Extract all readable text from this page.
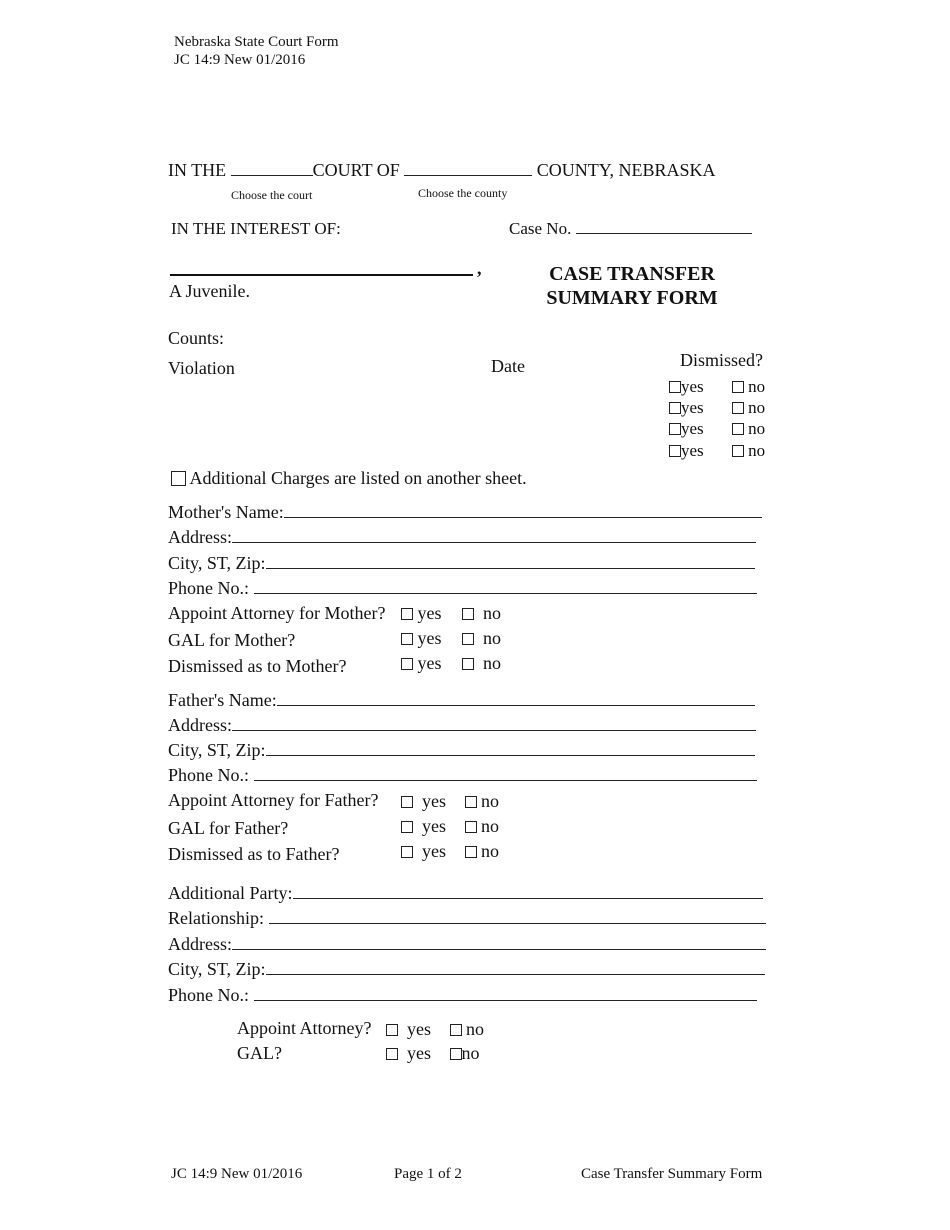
Nebraska State Court Form
JC 14:9 New 01/2016
IN THE	COURT OF	COUNTY, NEBRASKA
Choose the court	Choose the county
IN THE INTEREST OF:	Case No.
,
A Juvenile.
CASE TRANSFER
SUMMARY FORM
Counts:
Violation	Date	Dismissed?
yes	no
yes	no
yes	no
yes	no
Additional Charges are listed on another sheet.
Mother's Name:
Address:
City, ST, Zip:
Phone No.:
Appoint Attorney for Mother?	yes no
GAL for Mother?	yes no
Dismissed as to Mother?	yes no
Father's Name:
Address:
City, ST, Zip:
Phone No.:
Appoint Attorney for Father?	yes no
GAL for Father?	yes no
Dismissed as to Father?	yes no
Additional Party:
Relationship:
Address:
City, ST, Zip:
Phone No.:
Appoint Attorney?	yes no
GAL?	yes no
JC 14:9 New 01/2016	Page 1 of 2	Case Transfer Summary Form
